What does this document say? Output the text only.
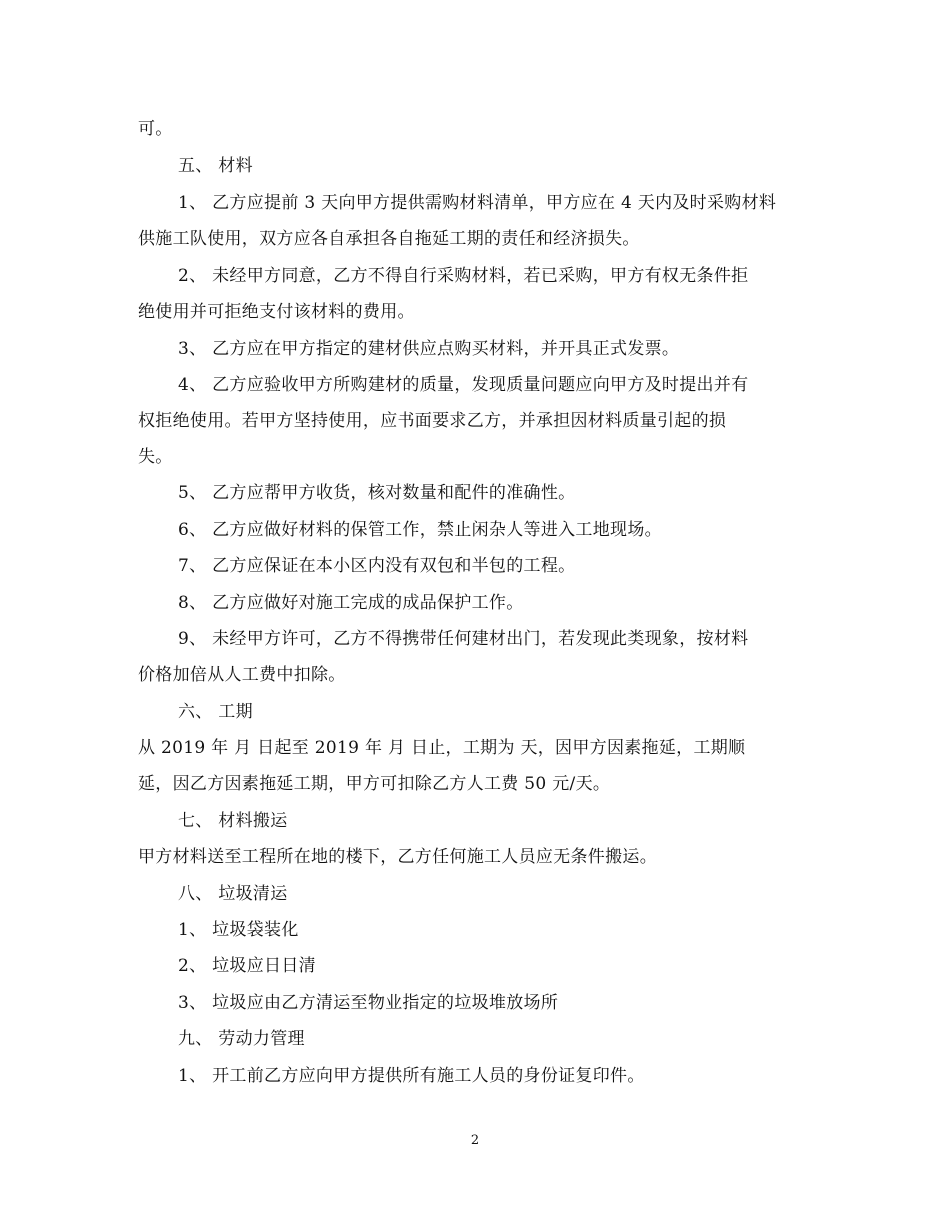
可。
五、 材料
1、 乙方应提前 3 天向甲方提供需购材料清单，甲方应在 4 天内及时采购材料
供施工队使用，双方应各自承担各自拖延工期的责任和经济损失。
2、 未经甲方同意，乙方不得自行采购材料，若已采购，甲方有权无条件拒
绝使用并可拒绝支付该材料的费用。
3、 乙方应在甲方指定的建材供应点购买材料，并开具正式发票。
4、 乙方应验收甲方所购建材的质量，发现质量问题应向甲方及时提出并有
权拒绝使用。若甲方坚持使用，应书面要求乙方，并承担因材料质量引起的损
失。
5、 乙方应帮甲方收货，核对数量和配件的准确性。
6、 乙方应做好材料的保管工作，禁止闲杂人等进入工地现场。
7、 乙方应保证在本小区内没有双包和半包的工程。
8、 乙方应做好对施工完成的成品保护工作。
9、 未经甲方许可，乙方不得携带任何建材出门，若发现此类现象，按材料
价格加倍从人工费中扣除。
六、 工期
从 2019 年 月 日起至 2019 年 月 日止，工期为 天，因甲方因素拖延，工期顺
延，因乙方因素拖延工期，甲方可扣除乙方人工费 50 元/天。
七、 材料搬运
甲方材料送至工程所在地的楼下，乙方任何施工人员应无条件搬运。
八、 垃圾清运
1、 垃圾袋装化
2、 垃圾应日日清
3、 垃圾应由乙方清运至物业指定的垃圾堆放场所
九、 劳动力管理
1、 开工前乙方应向甲方提供所有施工人员的身份证复印件。
2
